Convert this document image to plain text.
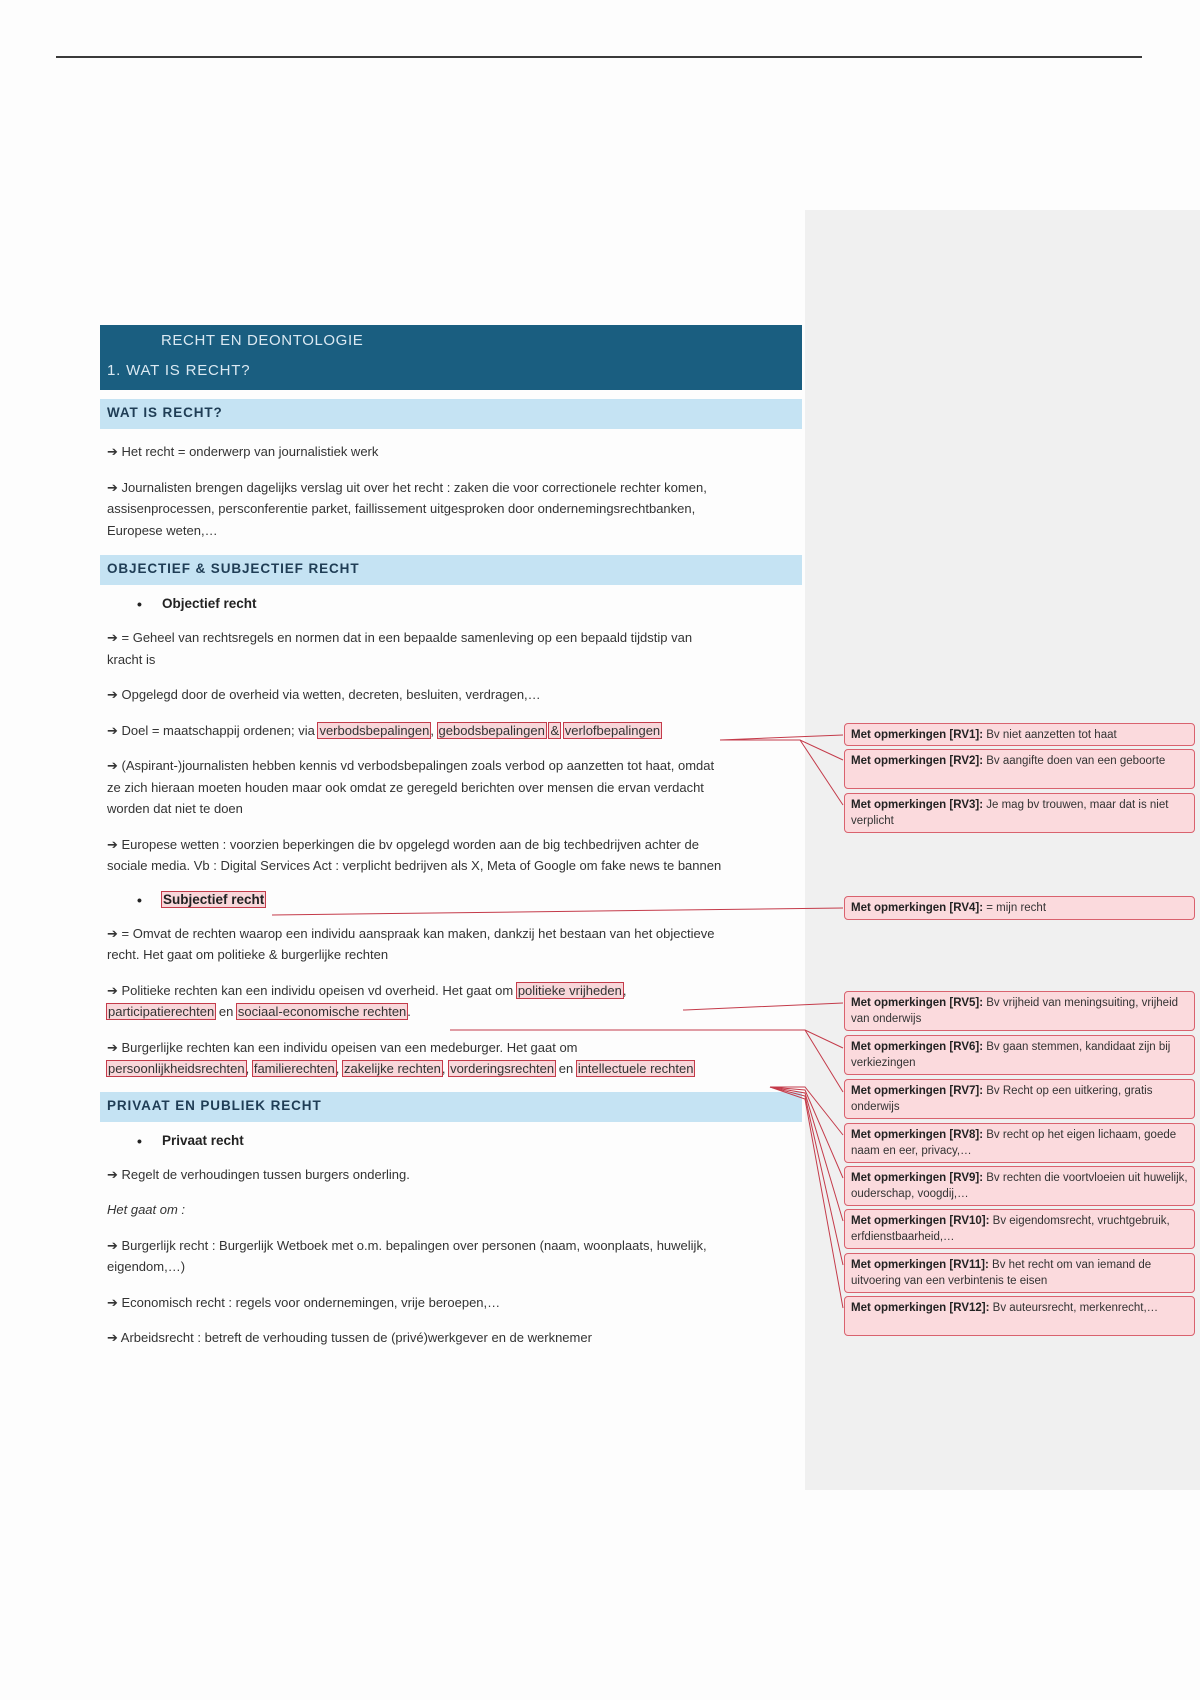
RECHT EN DEONTOLOGIE
1. WAT IS RECHT?
WAT IS RECHT?

➔ Het recht = onderwerp van journalistiek werk

➔ Journalisten brengen dagelijks verslag uit over het recht : zaken die voor correctionele rechter komen,
assisenprocessen, persconferentie parket, faillissement uitgesproken door ondernemingsrechtbanken,
Europese weten,…

OBJECTIEF & SUBJECTIEF RECHT
• Objectief recht

➔ = Geheel van rechtsregels en normen dat in een bepaalde samenleving op een bepaald tijdstip van
kracht is

➔ Opgelegd door de overheid via wetten, decreten, besluiten, verdragen,…

➔ Doel = maatschappij ordenen; via verbodsbepalingen, gebodsbepalingen & verlofbepalingen

➔ (Aspirant-)journalisten hebben kennis vd verbodsbepalingen zoals verbod op aanzetten tot haat, omdat
ze zich hieraan moeten houden maar ook omdat ze geregeld berichten over mensen die ervan verdacht
worden dat niet te doen

➔ Europese wetten : voorzien beperkingen die bv opgelegd worden aan de big techbedrijven achter de
sociale media. Vb : Digital Services Act : verplicht bedrijven als X, Meta of Google om fake news te bannen

• Subjectief recht

➔ = Omvat de rechten waarop een individu aanspraak kan maken, dankzij het bestaan van het objectieve
recht. Het gaat om politieke & burgerlijke rechten

➔ Politieke rechten kan een individu opeisen vd overheid. Het gaat om politieke vrijheden,
participatierechten en sociaal-economische rechten.

➔ Burgerlijke rechten kan een individu opeisen van een medeburger. Het gaat om
persoonlijkheidsrechten, familierechten, zakelijke rechten, vorderingsrechten en intellectuele rechten

PRIVAAT EN PUBLIEK RECHT
• Privaat recht

➔ Regelt de verhoudingen tussen burgers onderling.

Het gaat om :

➔ Burgerlijk recht : Burgerlijk Wetboek met o.m. bepalingen over personen (naam, woonplaats, huwelijk,
eigendom,…)

➔ Economisch recht : regels voor ondernemingen, vrije beroepen,…

➔ Arbeidsrecht : betreft de verhouding tussen de (privé)werkgever en de werknemer

Met opmerkingen [RV1]: Bv niet aanzetten tot haat
Met opmerkingen [RV2]: Bv aangifte doen van een geboorte
Met opmerkingen [RV3]: Je mag bv trouwen, maar dat is niet verplicht
Met opmerkingen [RV4]: = mijn recht
Met opmerkingen [RV5]: Bv vrijheid van meningsuiting, vrijheid van onderwijs
Met opmerkingen [RV6]: Bv gaan stemmen, kandidaat zijn bij verkiezingen
Met opmerkingen [RV7]: Bv Recht op een uitkering, gratis onderwijs
Met opmerkingen [RV8]: Bv recht op het eigen lichaam, goede naam en eer, privacy,…
Met opmerkingen [RV9]: Bv rechten die voortvloeien uit huwelijk, ouderschap, voogdij,…
Met opmerkingen [RV10]: Bv eigendomsrecht, vruchtgebruik, erfdienstbaarheid,…
Met opmerkingen [RV11]: Bv het recht om van iemand de uitvoering van een verbintenis te eisen
Met opmerkingen [RV12]: Bv auteursrecht, merkenrecht,…
